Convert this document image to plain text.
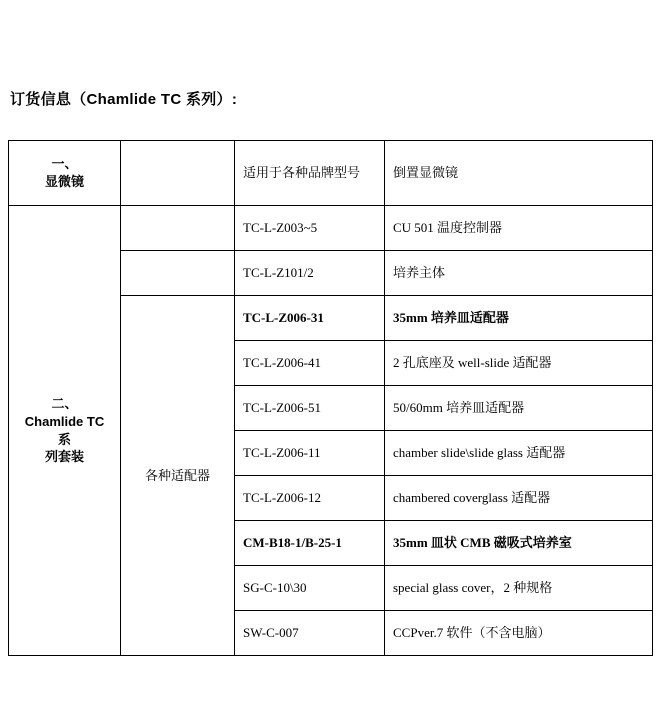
订货信息（Chamlide TC 系列）:
一、
显微镜		适用于各种品牌型号	倒置显微镜
二、
Chamlide TC 系
列套装		TC-L-Z003~5	CU 501 温度控制器
		TC-L-Z101/2	培养主体
	各种适配器	TC-L-Z006-31	35mm 培养皿适配器
		TC-L-Z006-41	2 孔底座及 well-slide 适配器
		TC-L-Z006-51	50/60mm 培养皿适配器
		TC-L-Z006-11	chamber slide\slide glass 适配器
		TC-L-Z006-12	chambered coverglass 适配器
		CM-B18-1/B-25-1	35mm 皿状 CMB 磁吸式培养室
		SG-C-10\30	special glass cover，2 种规格
		SW-C-007	CCPver.7 软件（不含电脑）
